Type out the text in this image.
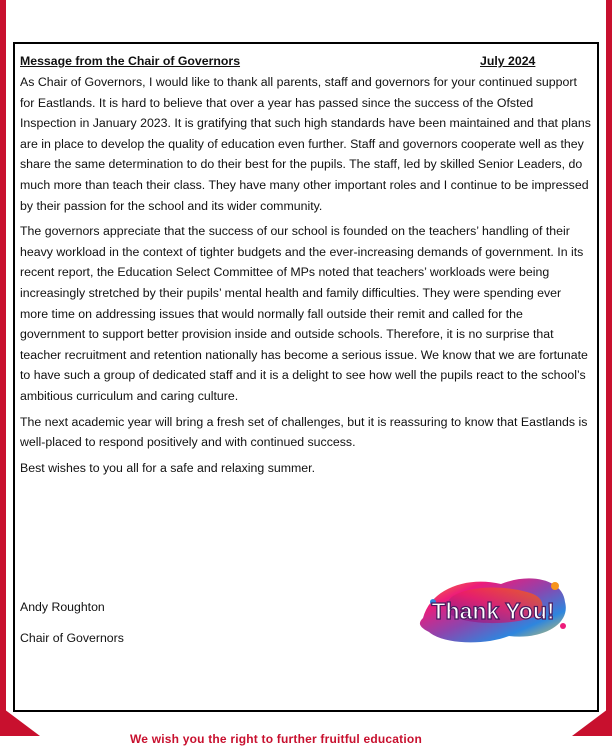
Message from the Chair of Governors	July 2024

As Chair of Governors, I would like to thank all parents, staff and governors for your continued support for Eastlands. It is hard to believe that over a year has passed since the success of the Ofsted Inspection in January 2023. It is gratifying that such high standards have been maintained and that plans are in place to develop the quality of education even further. Staff and governors cooperate well as they share the same determination to do their best for the pupils. The staff, led by skilled Senior Leaders, do much more than teach their class. They have many other important roles and I continue to be impressed by their passion for the school and its wider community.

The governors appreciate that the success of our school is founded on the teachers’ handling of their heavy workload in the context of tighter budgets and the ever-increasing demands of government. In its recent report, the Education Select Committee of MPs noted that teachers’ workloads were being increasingly stretched by their pupils’ mental health and family difficulties. They were spending ever more time on addressing issues that would normally fall outside their remit and called for the government to support better provision inside and outside schools. Therefore, it is no surprise that teacher recruitment and retention nationally has become a serious issue. We know that we are fortunate to have such a group of dedicated staff and it is a delight to see how well the pupils react to the school’s ambitious curriculum and caring culture.

The next academic year will bring a fresh set of challenges, but it is reassuring to know that Eastlands is well-placed to respond positively and with continued success.

Best wishes to you all for a safe and relaxing summer.

Andy Roughton
Chair of Governors
Thank You!
We wish you the right to further fruitful education
